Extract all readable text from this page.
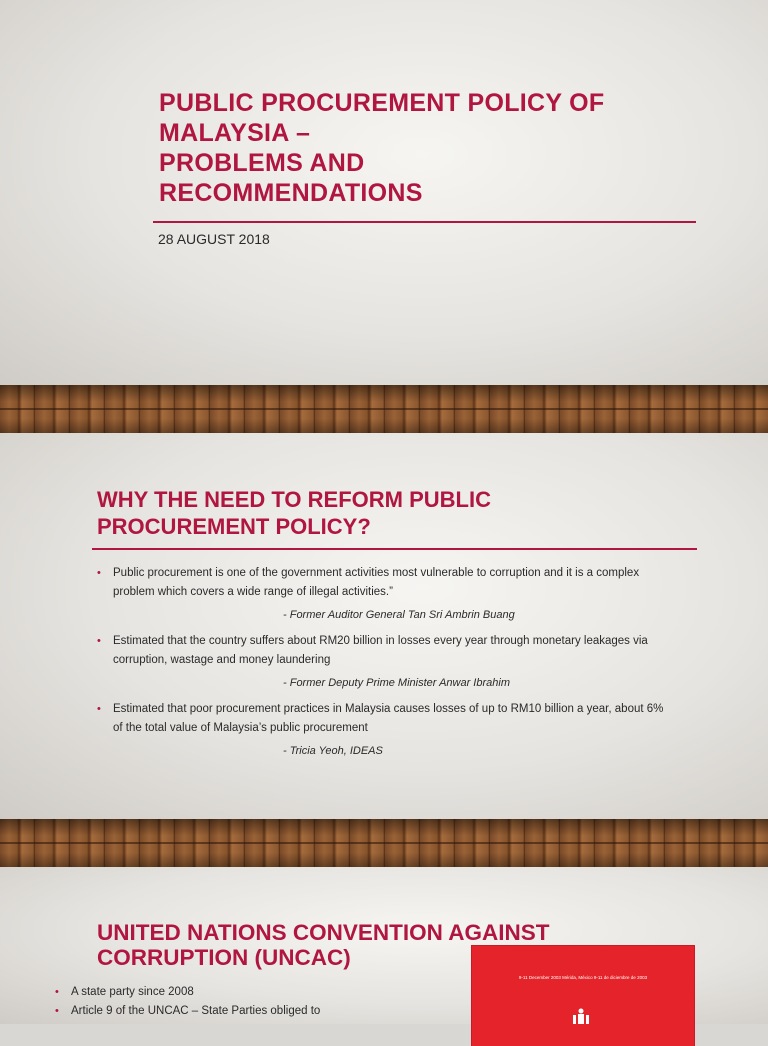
PUBLIC PROCUREMENT POLICY OF
MALAYSIA –
PROBLEMS AND
RECOMMENDATIONS
28 AUGUST 2018
WHY THE NEED TO REFORM PUBLIC
PROCUREMENT POLICY?
• Public procurement is one of the government activities most vulnerable to corruption and it is a complex problem which covers a wide range of illegal activities.”
- Former Auditor General Tan Sri Ambrin Buang
• Estimated that the country suffers about RM20 billion in losses every year through monetary leakages via corruption, wastage and money laundering
- Former Deputy Prime Minister Anwar Ibrahim
• Estimated that poor procurement practices in Malaysia causes losses of up to RM10 billion a year, about 6% of the total value of Malaysia’s public procurement
- Tricia Yeoh, IDEAS
UNITED NATIONS CONVENTION AGAINST
CORRUPTION (UNCAC)
• A state party since 2008
• Article 9 of the UNCAC – State Parties obliged to
9-11 December 2003 Mérida, México 9-11 de diciembre de 2003
